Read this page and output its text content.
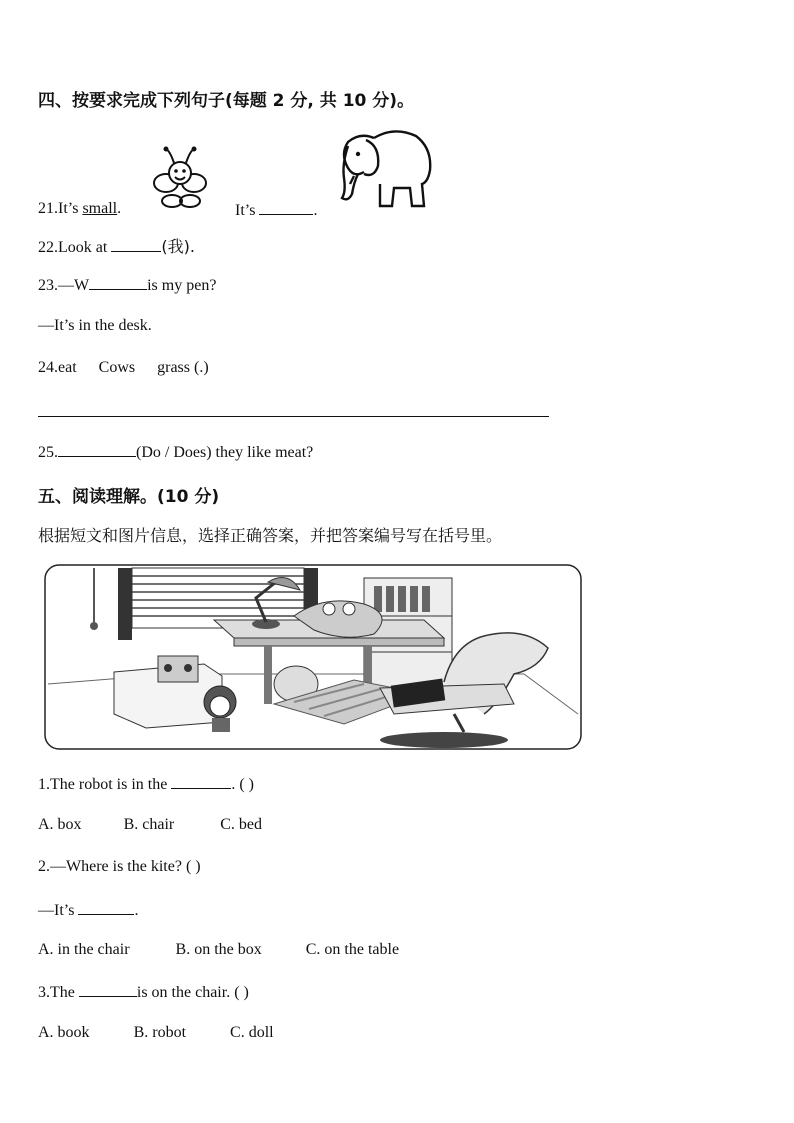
四、按要求完成下列句子(每题 2 分, 共 10 分)。
21.It’s small.	It’s	.
22.Look at	(我).
23.—W	is my pen?
—It’s in the desk.
24.eat Cows grass (.)
25.	(Do / Does) they like meat?
五、阅读理解。(10 分)
根据短文和图片信息，选择正确答案，并把答案编号写在括号里。
1.The robot is in the	. ( )
A. box	B. chair	C. bed
2.—Where is the kite? ( )
—It’s	.
A. in the chair	B. on the box	C. on the table
3.The	is on the chair. ( )
A. book	B. robot	C. doll
